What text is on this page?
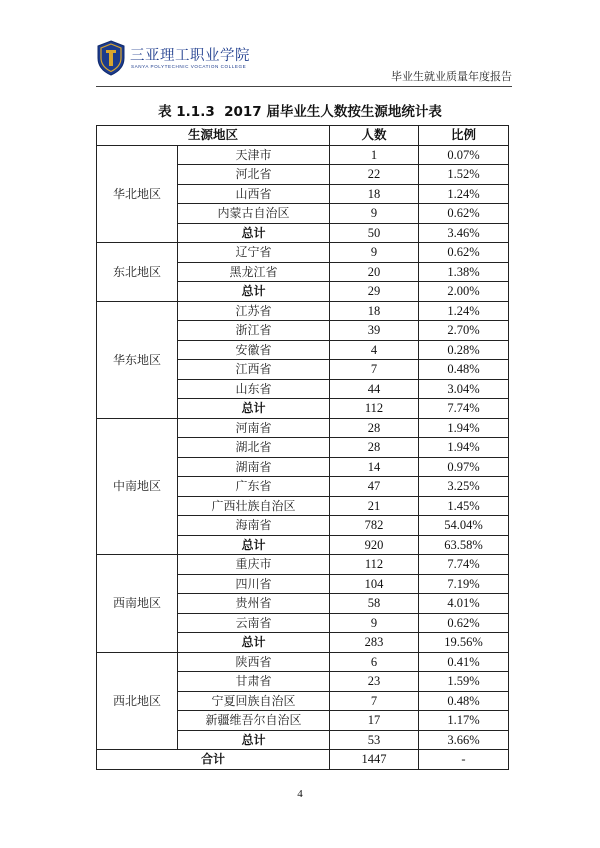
三亚理工职业学院
SANYA POLYTECHNIC VOCATION COLLEGE
毕业生就业质量年度报告
表 1.1.3 2017 届毕业生人数按生源地统计表
生源地区		人数	比例
华北地区	天津市	1	0.07%
	河北省	22	1.52%
	山西省	18	1.24%
	内蒙古自治区	9	0.62%
	总计	50	3.46%
东北地区	辽宁省	9	0.62%
	黑龙江省	20	1.38%
	总计	29	2.00%
华东地区	江苏省	18	1.24%
	浙江省	39	2.70%
	安徽省	4	0.28%
	江西省	7	0.48%
	山东省	44	3.04%
	总计	112	7.74%
中南地区	河南省	28	1.94%
	湖北省	28	1.94%
	湖南省	14	0.97%
	广东省	47	3.25%
	广西壮族自治区	21	1.45%
	海南省	782	54.04%
	总计	920	63.58%
西南地区	重庆市	112	7.74%
	四川省	104	7.19%
	贵州省	58	4.01%
	云南省	9	0.62%
	总计	283	19.56%
西北地区	陕西省	6	0.41%
	甘肃省	23	1.59%
	宁夏回族自治区	7	0.48%
	新疆维吾尔自治区	17	1.17%
	总计	53	3.66%
合计		1447	-
4
